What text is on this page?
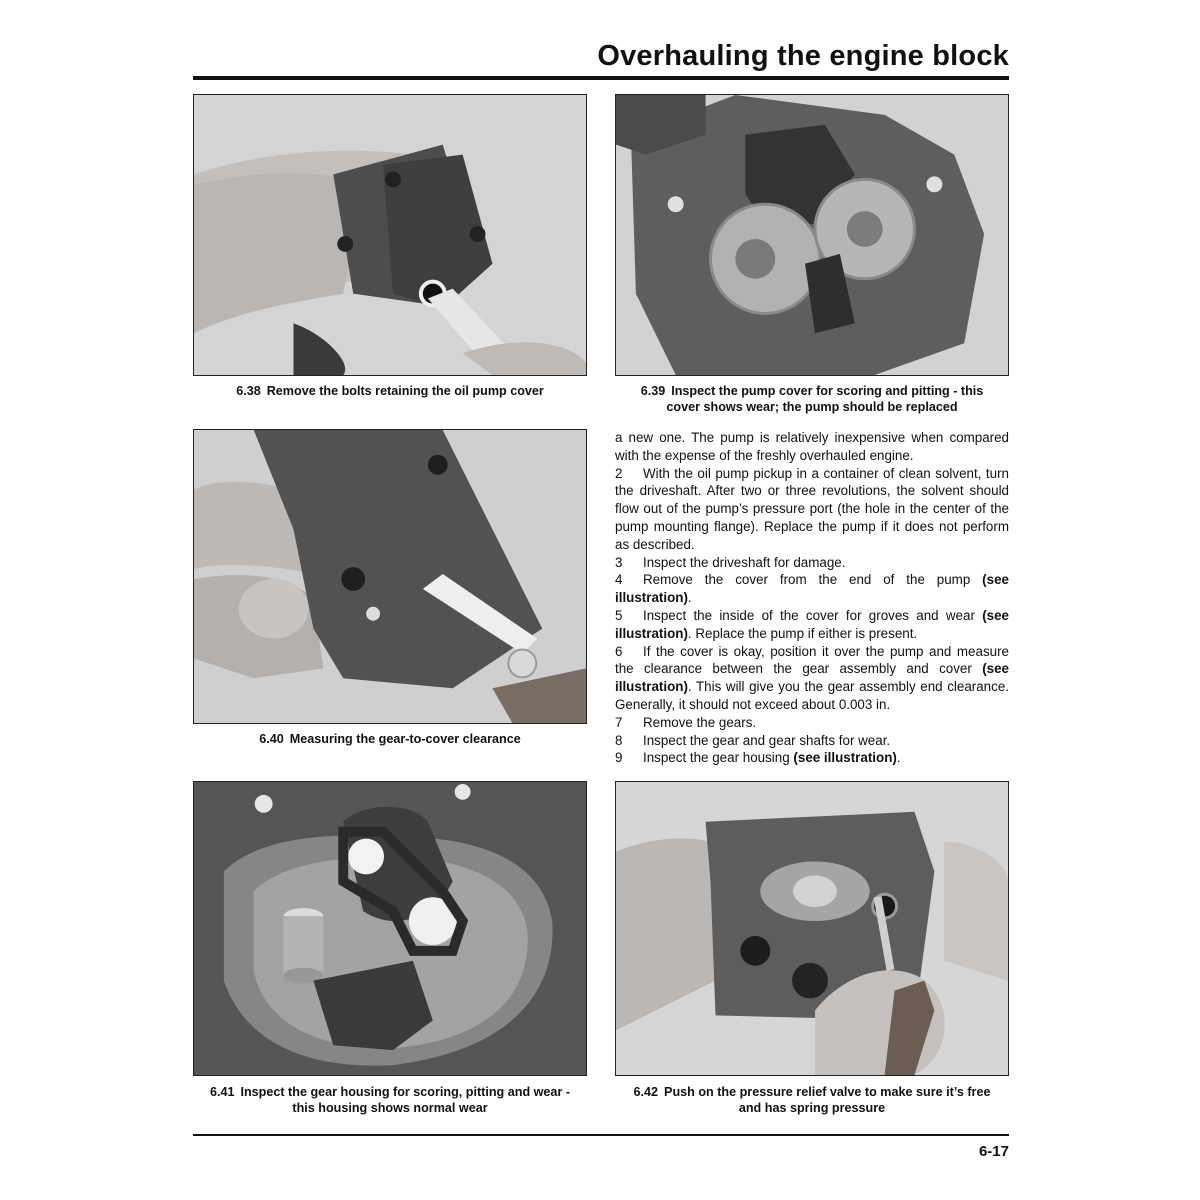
Overhauling the engine block
6.38 Remove the bolts retaining the oil pump cover	6.39 Inspect the pump cover for scoring and pitting - this
cover shows wear; the pump should be replaced
6.40 Measuring the gear-to-cover clearance

a new one. The pump is relatively inexpensive when compared with the expense of the freshly overhauled engine.

2 With the oil pump pickup in a container of clean solvent, turn the driveshaft. After two or three revolutions, the solvent should flow out of the pump’s pressure port (the hole in the center of the pump mounting flange). Replace the pump if it does not perform as described.
3 Inspect the driveshaft for damage.
4 Remove the cover from the end of the pump (see illustration).
5 Inspect the inside of the cover for groves and wear (see illustration). Replace the pump if either is present.
6 If the cover is okay, position it over the pump and measure the clearance between the gear assembly and cover (see illustration). This will give you the gear assembly end clearance. Generally, it should not exceed about 0.003 in.
7 Remove the gears.
8 Inspect the gear and gear shafts for wear.
9 Inspect the gear housing (see illustration).
6.41 Inspect the gear housing for scoring, pitting and wear -
this housing shows normal wear
6.42 Push on the pressure relief valve to make sure it’s free
and has spring pressure
6-17
